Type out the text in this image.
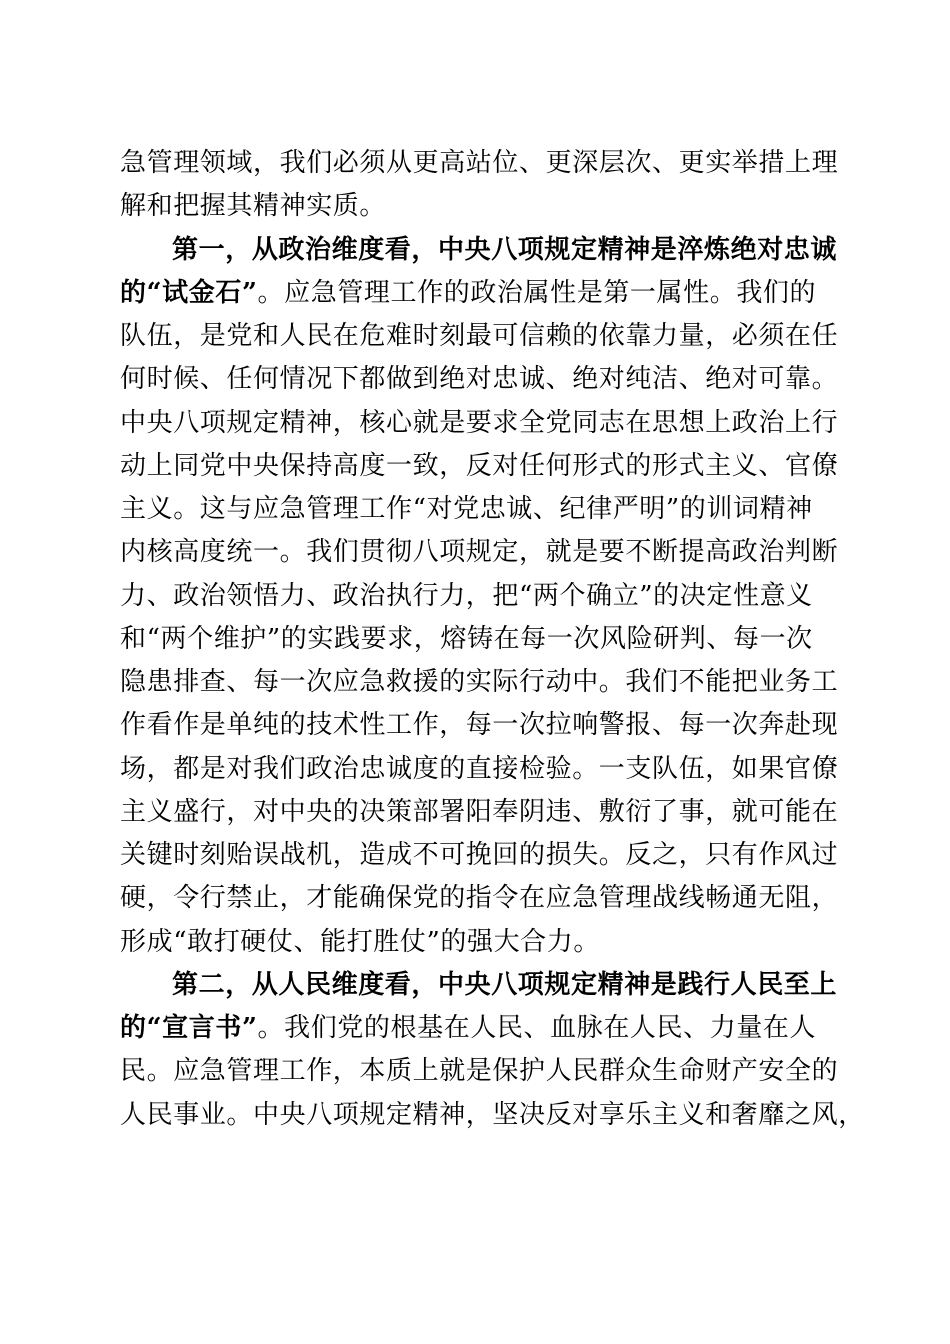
急管理领域，我们必须从更高站位、更深层次、更实举措上理
解和把握其精神实质。
第一，从政治维度看，中央八项规定精神是淬炼绝对忠诚
的“试金石”。应急管理工作的政治属性是第一属性。我们的
队伍，是党和人民在危难时刻最可信赖的依靠力量，必须在任
何时候、任何情况下都做到绝对忠诚、绝对纯洁、绝对可靠。
中央八项规定精神，核心就是要求全党同志在思想上政治上行
动上同党中央保持高度一致，反对任何形式的形式主义、官僚
主义。这与应急管理工作“对党忠诚、纪律严明”的训词精神
内核高度统一。我们贯彻八项规定，就是要不断提高政治判断
力、政治领悟力、政治执行力，把“两个确立”的决定性意义
和“两个维护”的实践要求，熔铸在每一次风险研判、每一次
隐患排查、每一次应急救援的实际行动中。我们不能把业务工
作看作是单纯的技术性工作，每一次拉响警报、每一次奔赴现
场，都是对我们政治忠诚度的直接检验。一支队伍，如果官僚
主义盛行，对中央的决策部署阳奉阴违、敷衍了事，就可能在
关键时刻贻误战机，造成不可挽回的损失。反之，只有作风过
硬，令行禁止，才能确保党的指令在应急管理战线畅通无阻，
形成“敢打硬仗、能打胜仗”的强大合力。
第二，从人民维度看，中央八项规定精神是践行人民至上
的“宣言书”。我们党的根基在人民、血脉在人民、力量在人
民。应急管理工作，本质上就是保护人民群众生命财产安全的
人民事业。中央八项规定精神，坚决反对享乐主义和奢靡之风，
